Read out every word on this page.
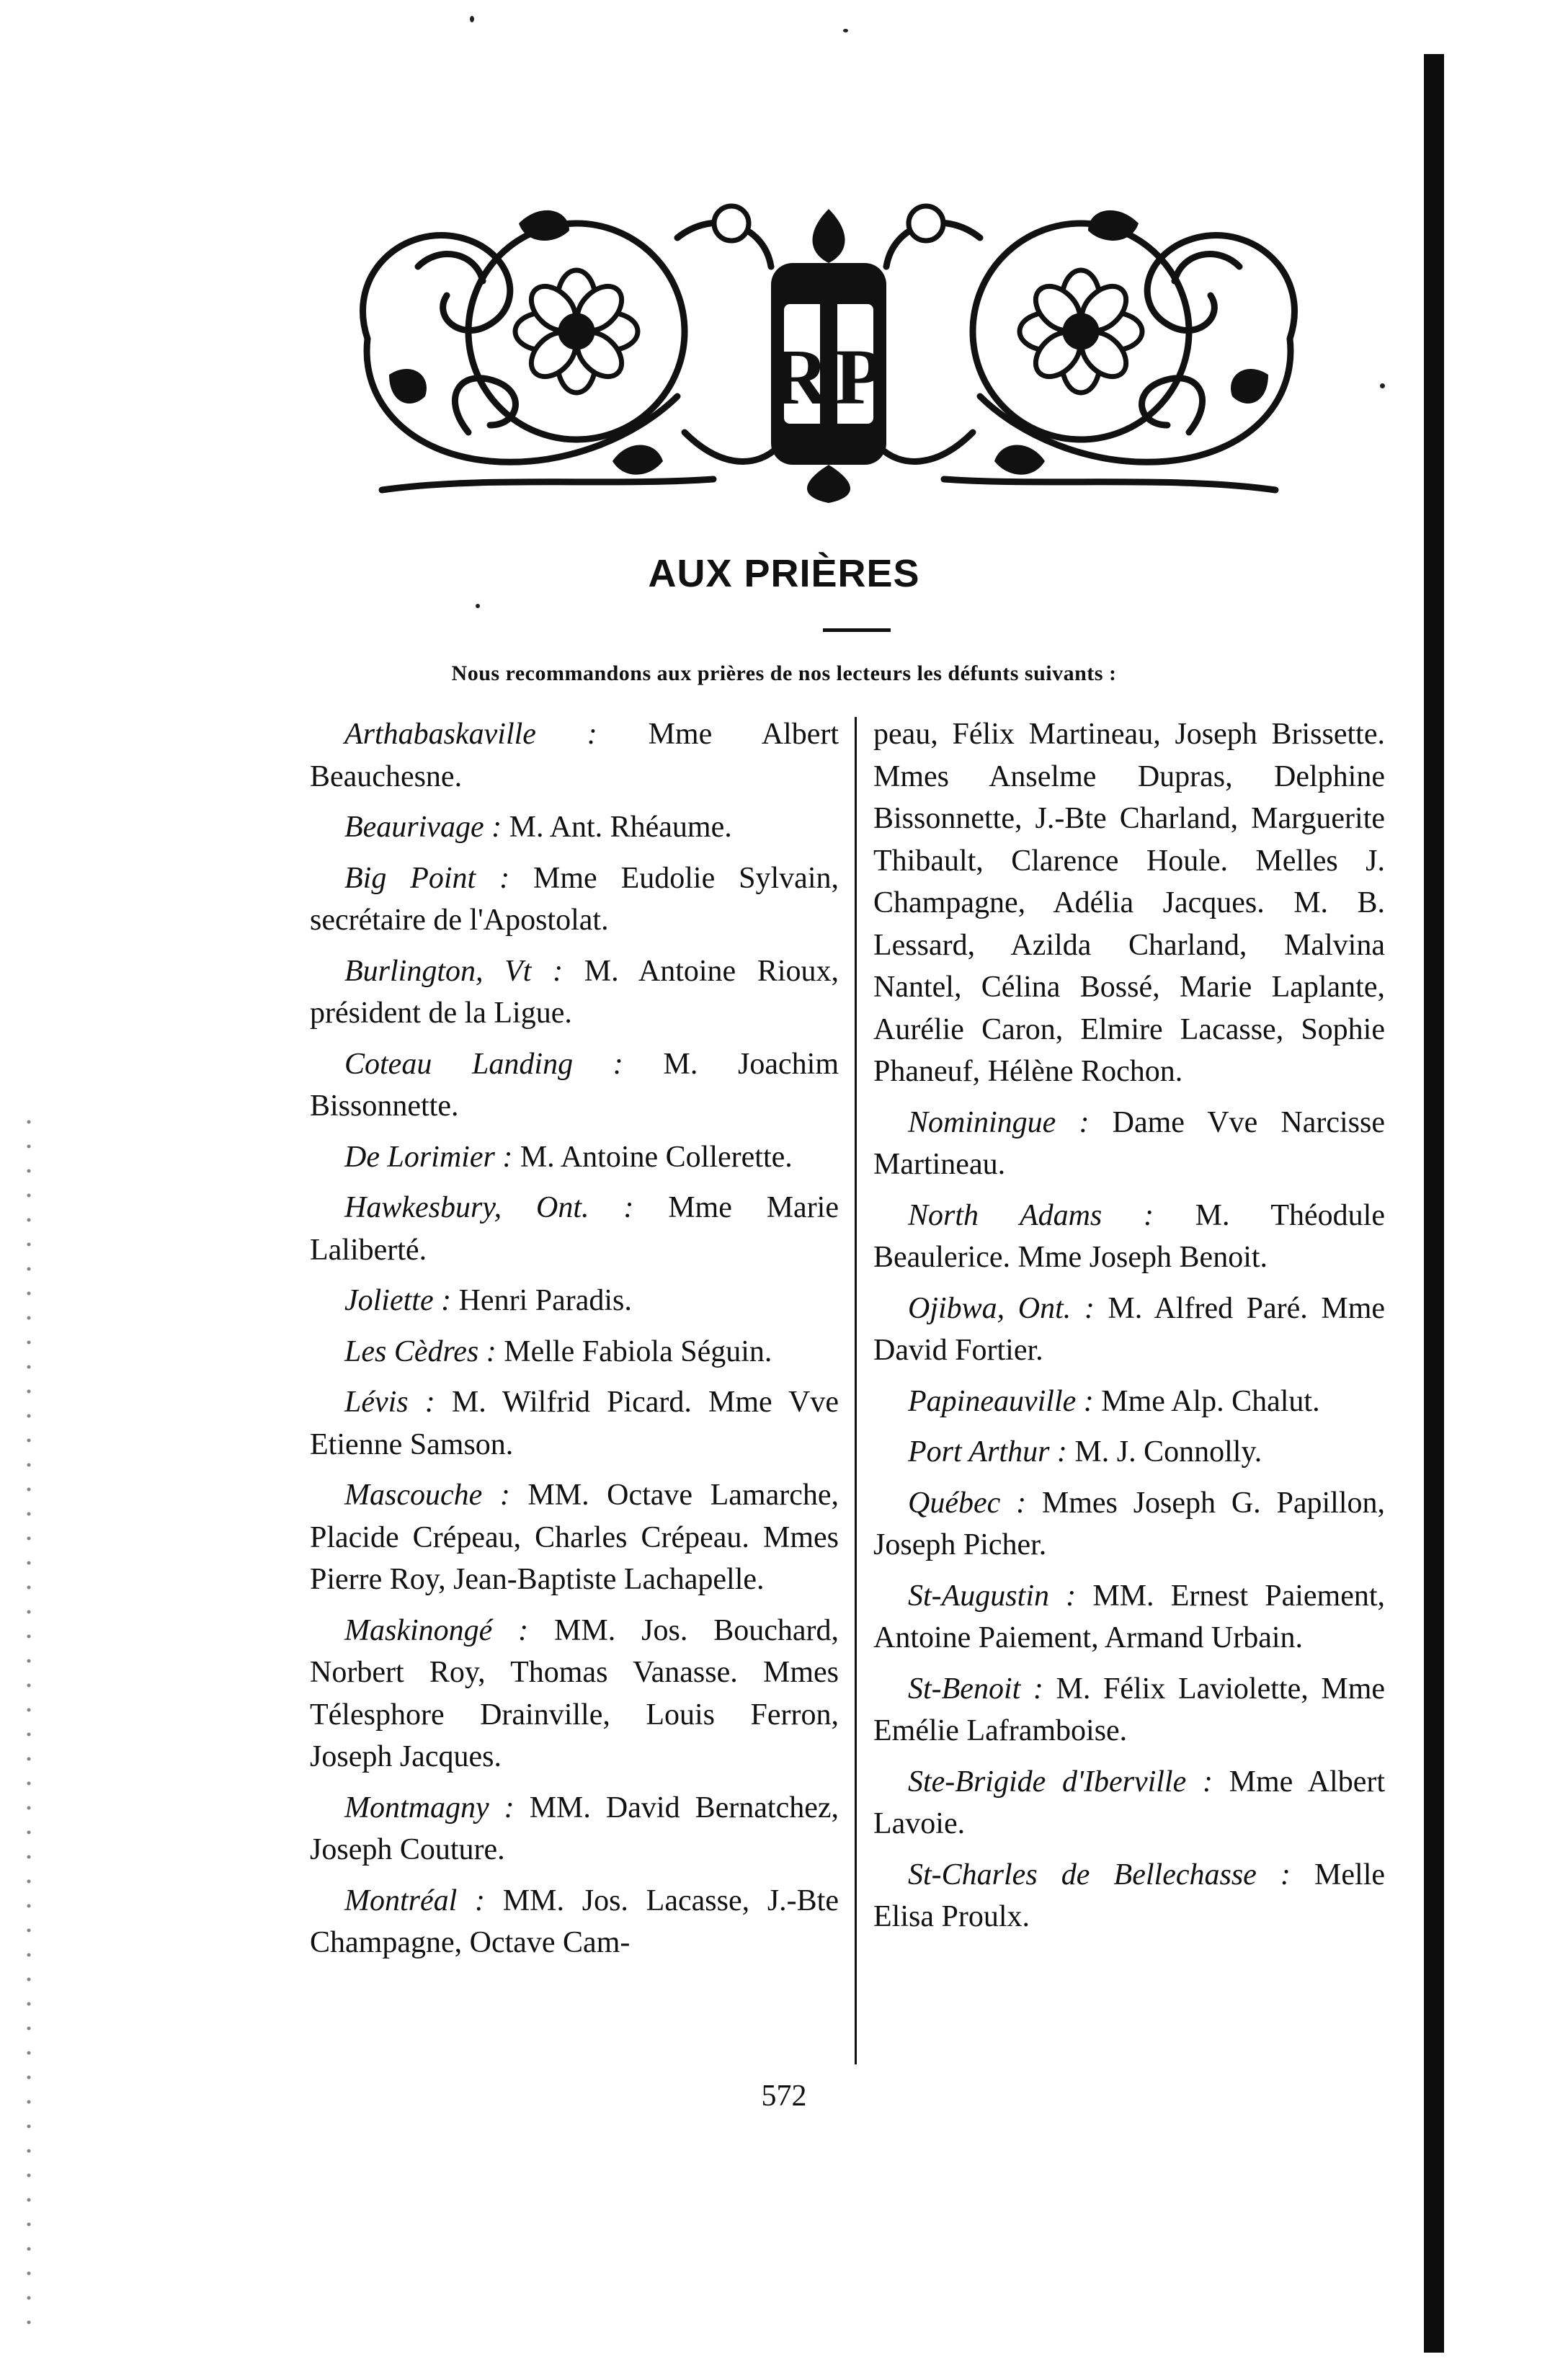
R P
AUX PRIÈRES
Nous recommandons aux prières de nos lecteurs les défunts suivants :

Arthabaskaville : Mme Albert Beauchesne.

Beaurivage : M. Ant. Rhéaume.

Big Point : Mme Eudolie Sylvain, secrétaire de l'Apostolat.

Burlington, Vt : M. Antoine Rioux, président de la Ligue.

Coteau Landing : M. Joachim Bissonnette.

De Lorimier : M. Antoine Collerette.

Hawkesbury, Ont. : Mme Marie Laliberté.

Joliette : Henri Paradis.

Les Cèdres : Melle Fabiola Séguin.

Lévis : M. Wilfrid Picard. Mme Vve Etienne Samson.

Mascouche : MM. Octave Lamarche, Placide Crépeau, Charles Crépeau. Mmes Pierre Roy, Jean-Baptiste Lachapelle.

Maskinongé : MM. Jos. Bouchard, Norbert Roy, Thomas Vanasse. Mmes Télesphore Drainville, Louis Ferron, Joseph Jacques.

Montmagny : MM. David Bernatchez, Joseph Couture.

Montréal : MM. Jos. Lacasse, J.-Bte Champagne, Octave Cam-

peau, Félix Martineau, Joseph Brissette. Mmes Anselme Dupras, Delphine Bissonnette, J.-Bte Charland, Marguerite Thibault, Clarence Houle. Melles J. Champagne, Adélia Jacques. M. B. Lessard, Azilda Charland, Malvina Nantel, Célina Bossé, Marie Laplante, Aurélie Caron, Elmire Lacasse, Sophie Phaneuf, Hélène Rochon.

Nominingue : Dame Vve Narcisse Martineau.

North Adams : M. Théodule Beaulerice. Mme Joseph Benoit.

Ojibwa, Ont. : M. Alfred Paré. Mme David Fortier.

Papineauville : Mme Alp. Chalut.

Port Arthur : M. J. Connolly.

Québec : Mmes Joseph G. Papillon, Joseph Picher.

St-Augustin : MM. Ernest Paiement, Antoine Paiement, Armand Urbain.

St-Benoit : M. Félix Laviolette, Mme Emélie Laframboise.

Ste-Brigide d'Iberville : Mme Albert Lavoie.

St-Charles de Bellechasse : Melle Elisa Proulx.

572
